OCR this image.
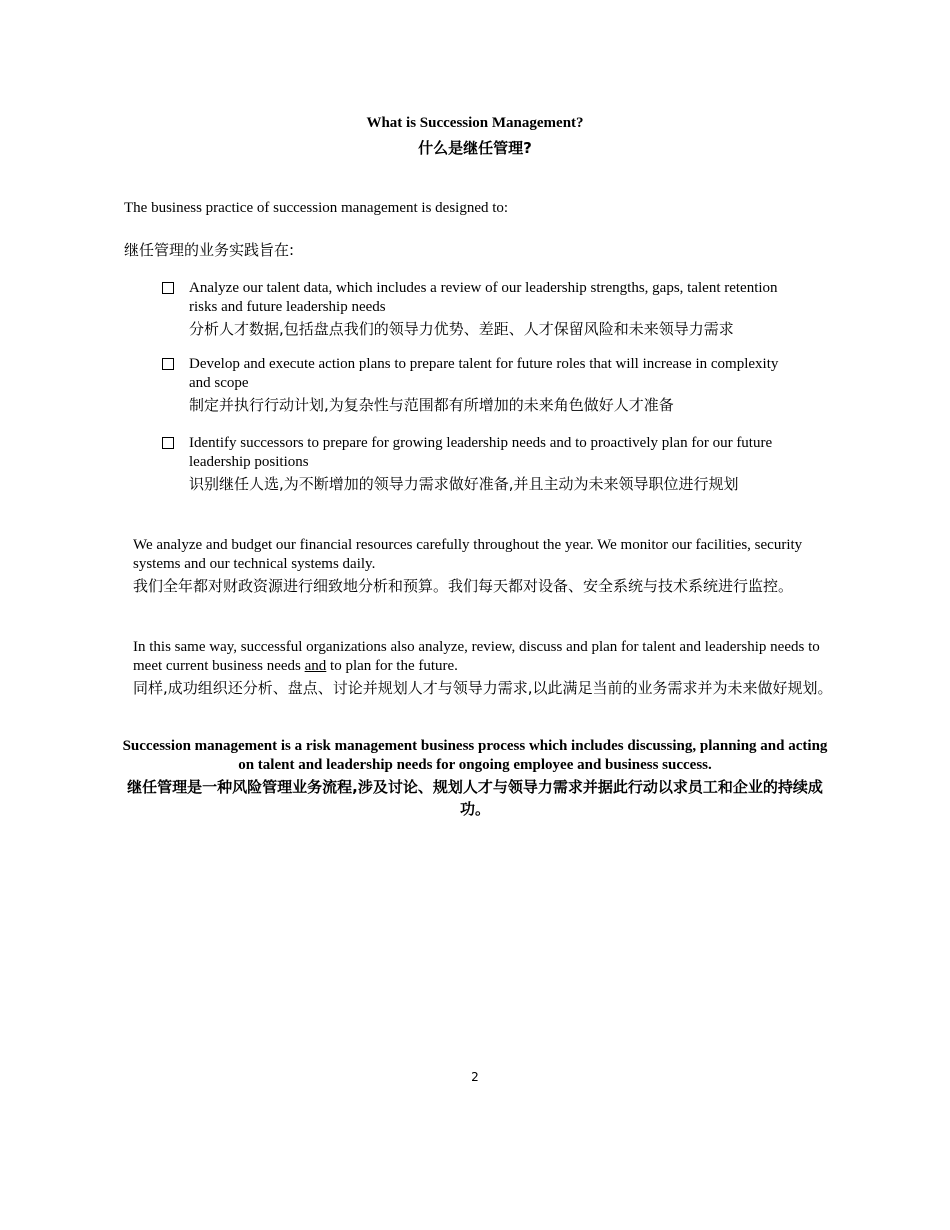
What is Succession Management?
什么是继任管理?
The business practice of succession management is designed to:
继任管理的业务实践旨在:
Analyze our talent data, which includes a review of our leadership strengths, gaps, talent retention risks and future leadership needs
分析人才数据,包括盘点我们的领导力优势、差距、人才保留风险和未来领导力需求
Develop and execute action plans to prepare talent for future roles that will increase in complexity and scope
制定并执行行动计划,为复杂性与范围都有所增加的未来角色做好人才准备
Identify successors to prepare for growing leadership needs and to proactively plan for our future leadership positions
识别继任人选,为不断增加的领导力需求做好准备,并且主动为未来领导职位进行规划
We analyze and budget our financial resources carefully throughout the year. We monitor our facilities, security systems and our technical systems daily.
我们全年都对财政资源进行细致地分析和预算。我们每天都对设备、安全系统与技术系统进行监控。
In this same way, successful organizations also analyze, review, discuss and plan for talent and leadership needs to meet current business needs and to plan for the future.
同样,成功组织还分析、盘点、讨论并规划人才与领导力需求,以此满足当前的业务需求并为未来做好规划。
Succession management is a risk management business process which includes discussing, planning and acting on talent and leadership needs for ongoing employee and business success.
继任管理是一种风险管理业务流程,涉及讨论、规划人才与领导力需求并据此行动以求员工和企业的持续成功。
2
